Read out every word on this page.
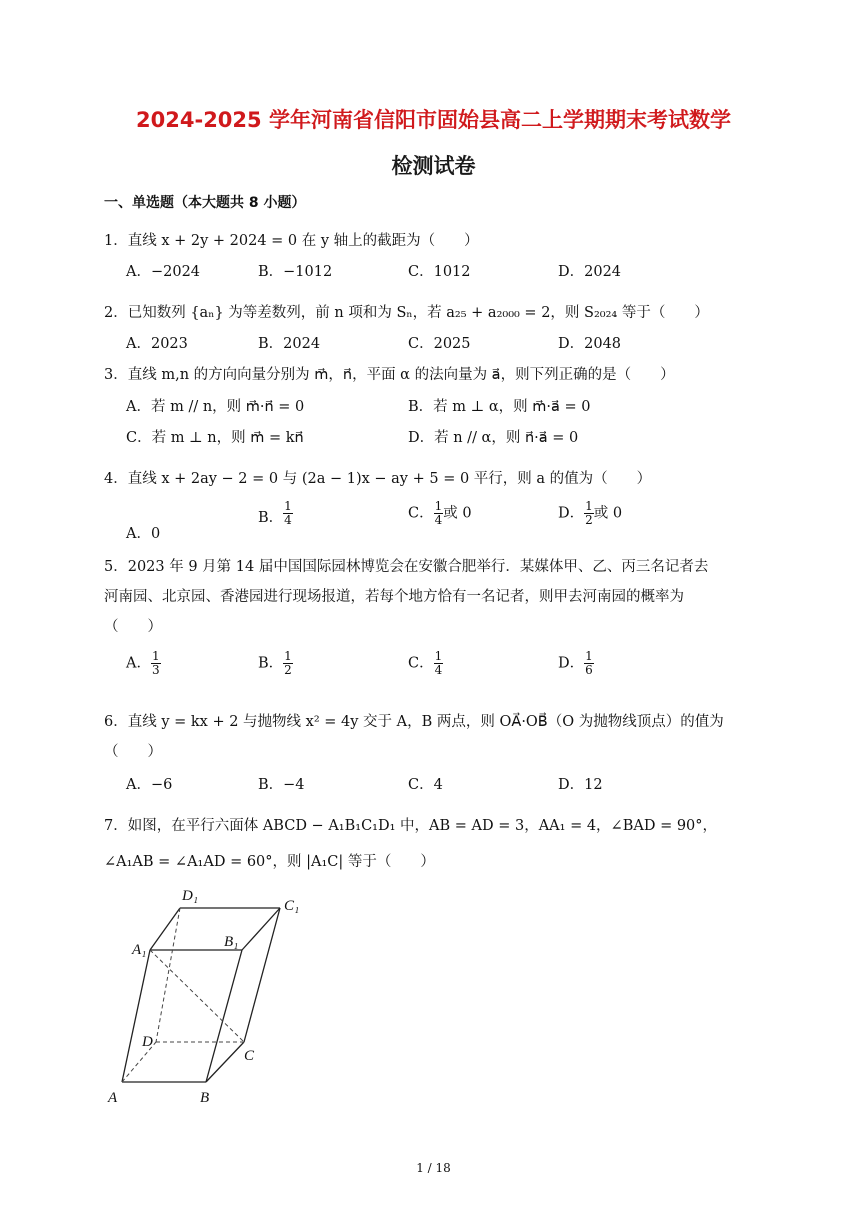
2024-2025 学年河南省信阳市固始县高二上学期期末考试数学
检测试卷
一、单选题（本大题共 8 小题）
1．直线 x + 2y + 2024 = 0 在 y 轴上的截距为（　　）
A．−2024	B．−1012	C．1012	D．2024
2．已知数列 {aₙ} 为等差数列，前 n 项和为 Sₙ，若 a₂₅ + a₂₀₀₀ = 2，则 S₂₀₂₄ 等于（　　）
A．2023	B．2024	C．2025	D．2048
3．直线 m,n 的方向向量分别为 m⃗，n⃗，平面 α 的法向量为 a⃗，则下列正确的是（　　）
A．若 m // n，则 m⃗·n⃗ = 0	B．若 m ⊥ α，则 m⃗·a⃗ = 0
C．若 m ⊥ n，则 m⃗ = kn⃗	D．若 n // α，则 n⃗·a⃗ = 0
4．直线 x + 2ay − 2 = 0 与 (2a − 1)x − ay + 5 = 0 平行，则 a 的值为（　　）
A．0
B． $\frac{1}{4}$	C． $\frac{1}{4}$ 或 0	D． $\frac{1}{2}$ 或 0
5．2023 年 9 月第 14 届中国国际园林博览会在安徽合肥举行．某媒体甲、乙、丙三名记者去
河南园、北京园、香港园进行现场报道，若每个地方恰有一名记者，则甲去河南园的概率为
（　　）
A． $\frac{1}{3}$	B． $\frac{1}{2}$	C． $\frac{1}{4}$	D． $\frac{1}{6}$
6．直线 y = kx + 2 与抛物线 x² = 4y 交于 A，B 两点，则 OA⃗·OB⃗（O 为抛物线顶点）的值为
（　　）
A．−6	B．−4	C．4	D．12
7．如图，在平行六面体 ABCD − A₁B₁C₁D₁ 中，AB = AD = 3，AA₁ = 4，∠BAD = 90°，
∠A₁AB = ∠A₁AD = 60°，则 |A₁C| 等于（　　）
D₁
C₁
A₁	B₁
D
C
A	B
1 / 18
